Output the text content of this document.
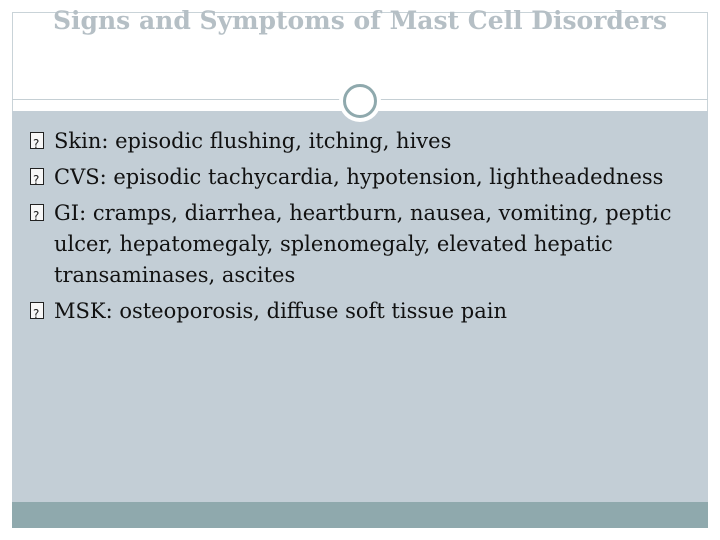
Signs and Symptoms of Mast Cell Disorders
?
Skin: episodic flushing, itching, hives
?
CVS: episodic tachycardia, hypotension, lightheadedness
?
GI: cramps, diarrhea, heartburn, nausea, vomiting, peptic ulcer, hepatomegaly, splenomegaly, elevated hepatic transaminases, ascites
?
MSK: osteoporosis, diffuse soft tissue pain
